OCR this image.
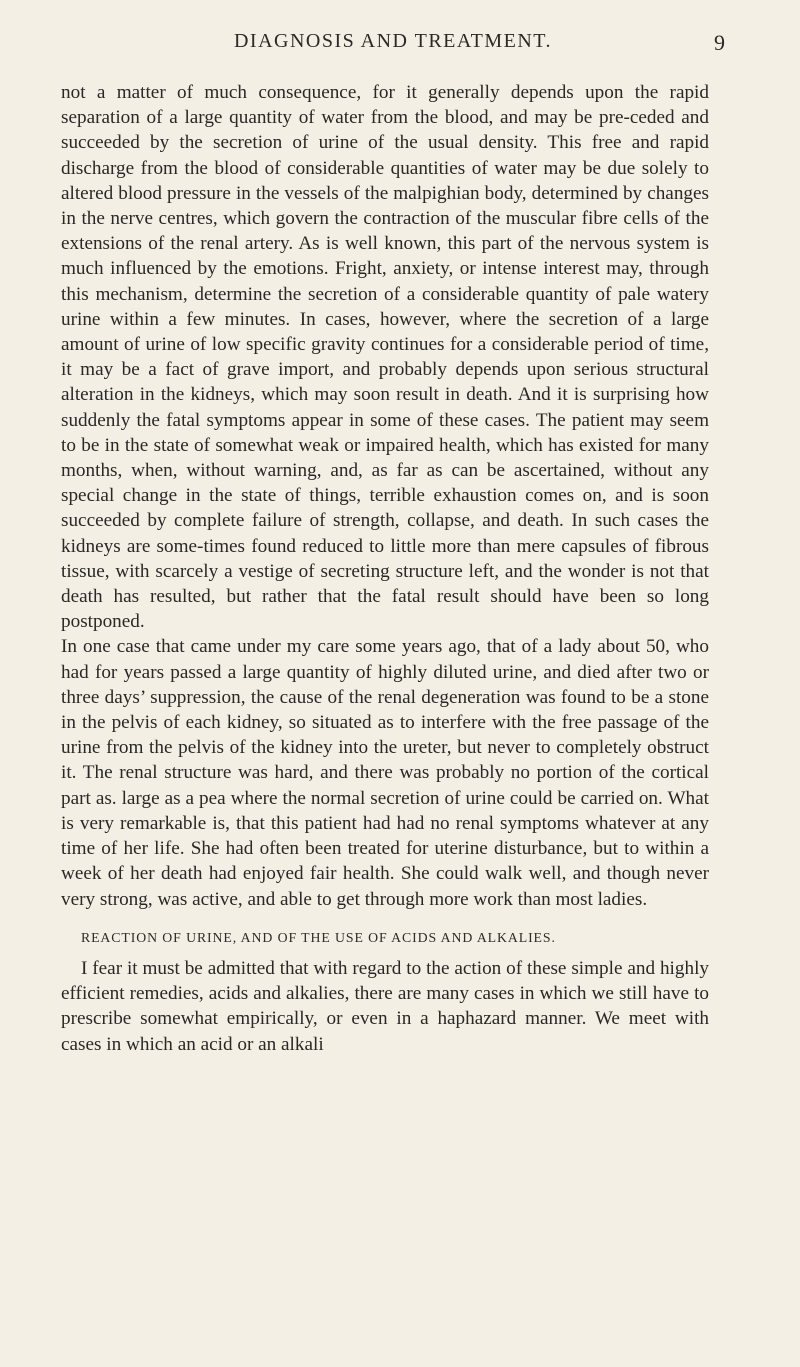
DIAGNOSIS AND TREATMENT.	9

not a matter of much consequence, for it generally depends upon the rapid separation of a large quantity of water from the blood, and may be pre-ceded and succeeded by the secretion of urine of the usual density. This free and rapid discharge from the blood of considerable quantities of water may be due solely to altered blood pressure in the vessels of the malpighian body, determined by changes in the nerve centres, which govern the contraction of the muscular fibre cells of the extensions of the renal artery. As is well known, this part of the nervous system is much influenced by the emotions. Fright, anxiety, or intense interest may, through this mechanism, determine the secretion of a considerable quantity of pale watery urine within a few minutes. In cases, however, where the secretion of a large amount of urine of low specific gravity continues for a considerable period of time, it may be a fact of grave import, and probably depends upon serious structural alteration in the kidneys, which may soon result in death. And it is surprising how suddenly the fatal symptoms appear in some of these cases. The patient may seem to be in the state of somewhat weak or impaired health, which has existed for many months, when, without warning, and, as far as can be ascertained, without any special change in the state of things, terrible exhaustion comes on, and is soon succeeded by complete failure of strength, collapse, and death. In such cases the kidneys are some-times found reduced to little more than mere capsules of fibrous tissue, with scarcely a vestige of secreting structure left, and the wonder is not that death has resulted, but rather that the fatal result should have been so long postponed.

In one case that came under my care some years ago, that of a lady about 50, who had for years passed a large quantity of highly diluted urine, and died after two or three days’ suppression, the cause of the renal degeneration was found to be a stone in the pelvis of each kidney, so situated as to interfere with the free passage of the urine from the pelvis of the kidney into the ureter, but never to completely obstruct it. The renal structure was hard, and there was probably no portion of the cortical part as. large as a pea where the normal secretion of urine could be carried on. What is very remarkable is, that this patient had had no renal symptoms whatever at any time of her life. She had often been treated for uterine disturbance, but to within a week of her death had enjoyed fair health. She could walk well, and though never very strong, was active, and able to get through more work than most ladies.

REACTION OF URINE, AND OF THE USE OF ACIDS AND ALKALIES.

I fear it must be admitted that with regard to the action of these simple and highly efficient remedies, acids and alkalies, there are many cases in which we still have to prescribe somewhat empirically, or even in a haphazard manner. We meet with cases in which an acid or an alkali
